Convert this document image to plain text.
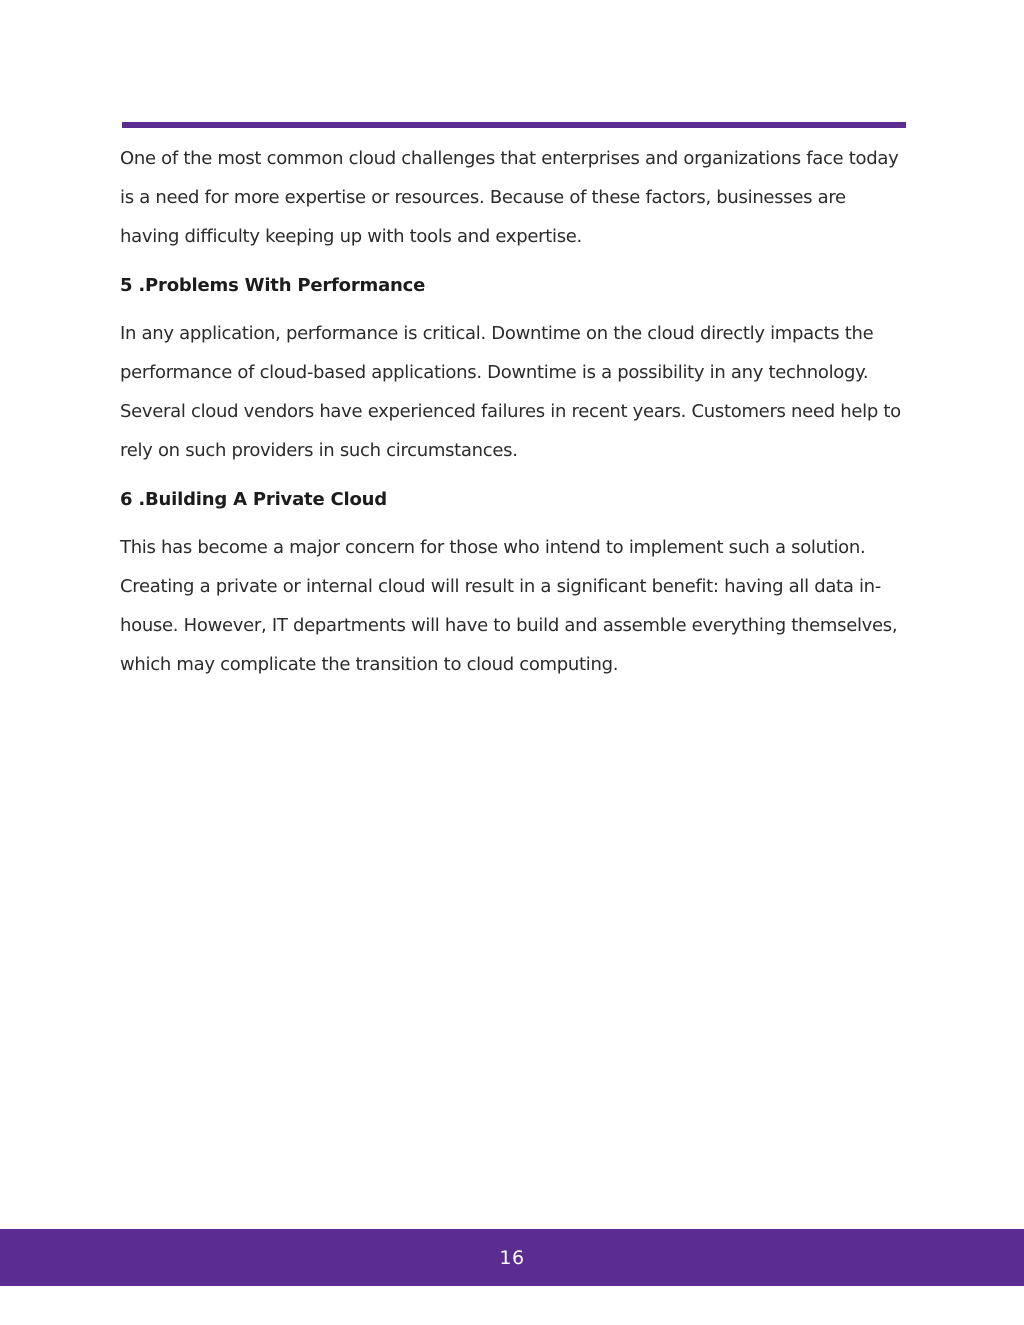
One of the most common cloud challenges that enterprises and organizations face today is a need for more expertise or resources. Because of these factors, businesses are having difficulty keeping up with tools and expertise.

5 .Problems With Performance

In any application, performance is critical. Downtime on the cloud directly impacts the performance of cloud-based applications. Downtime is a possibility in any technology. Several cloud vendors have experienced failures in recent years. Customers need help to rely on such providers in such circumstances.

6 .Building A Private Cloud

This has become a major concern for those who intend to implement such a solution. Creating a private or internal cloud will result in a significant benefit: having all data in-house. However, IT departments will have to build and assemble everything themselves, which may complicate the transition to cloud computing.

16
